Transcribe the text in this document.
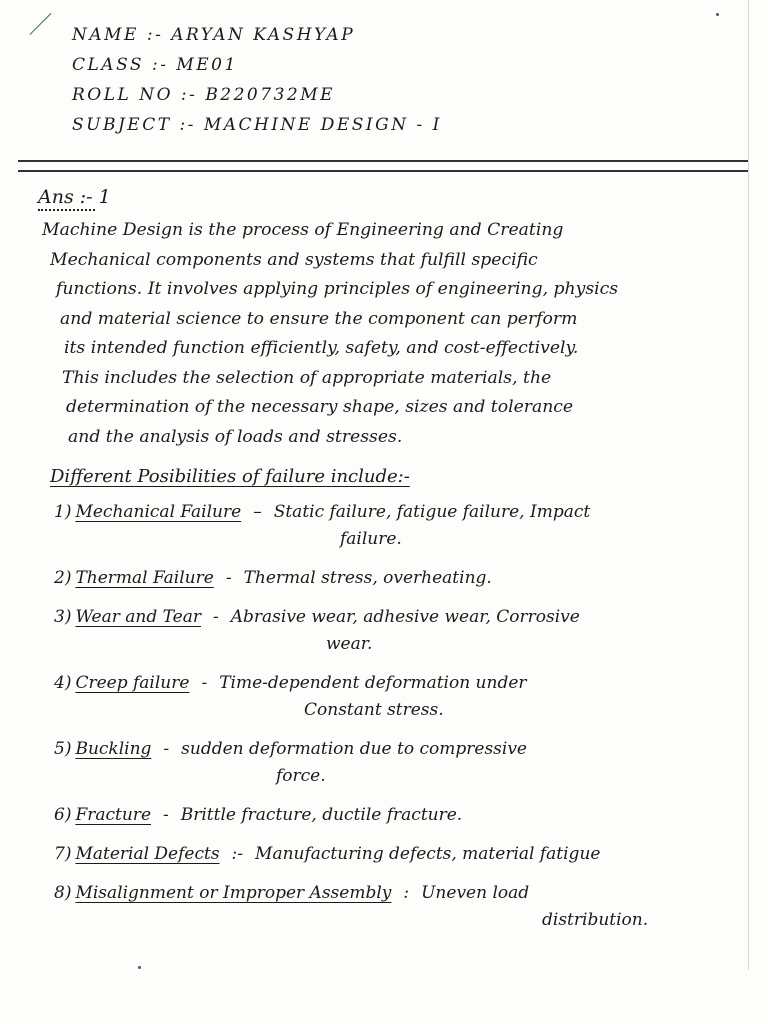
NAME :- ARYAN KASHYAP
CLASS :- ME01
ROLL NO :- B220732ME
SUBJECT :- MACHINE DESIGN - I
Ans :- 1
Machine Design is the process of Engineering and Creating
Mechanical components and systems that fulfill specific
functions. It involves applying principles of engineering, physics
and material science to ensure the component can perform
its intended function efficiently, safety, and cost-effectively.
This includes the selection of appropriate materials, the
determination of the necessary shape, sizes and tolerance
and the analysis of loads and stresses.
Different Posibilities of failure include:-
1) Mechanical Failure – Static failure, fatigue failure, Impact
failure.
2) Thermal Failure - Thermal stress, overheating.
3) Wear and Tear - Abrasive wear, adhesive wear, Corrosive
wear.
4) Creep failure - Time-dependent deformation under
Constant stress.
5) Buckling - sudden deformation due to compressive
force.
6) Fracture - Brittle fracture, ductile fracture.
7) Material Defects :- Manufacturing defects, material fatigue
8) Misalignment or Improper Assembly : Uneven load
distribution.
